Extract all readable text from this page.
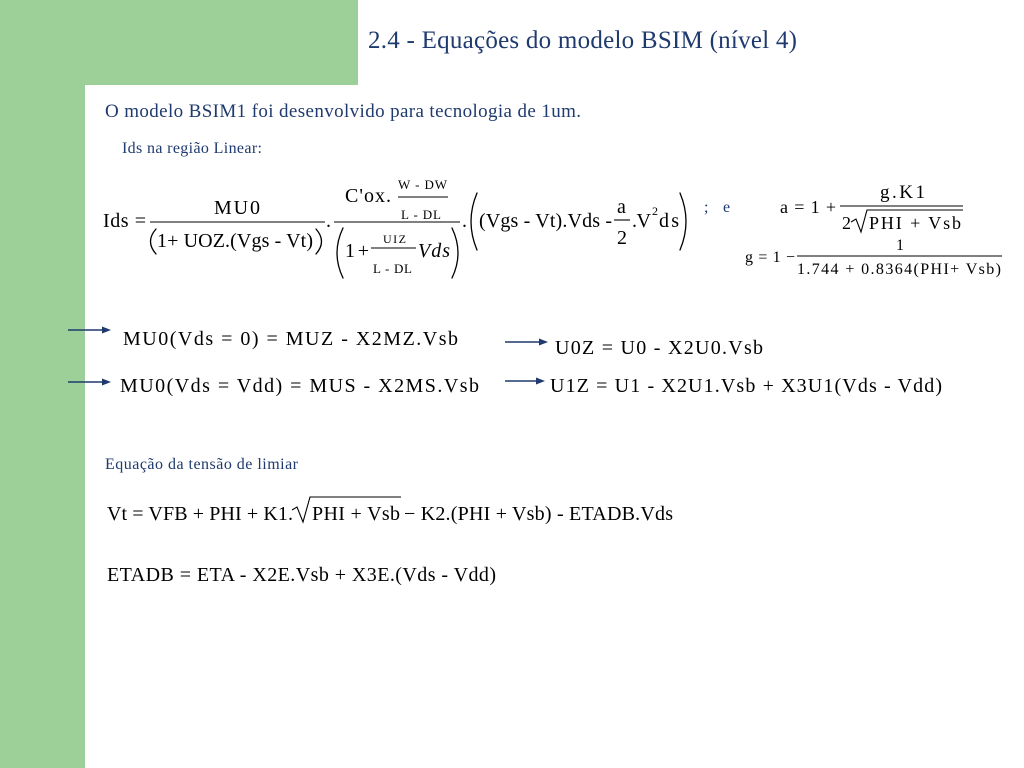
2.4 - Equações do modelo BSIM (nível 4)
O modelo BSIM1 foi desenvolvido para tecnologia de 1um.
Ids na região Linear:
Ids =
MU0
1+ UOZ.(Vgs - Vt)
.
C'ox.
W - DW
L - DL
1+
UIZ
L - DL
Vds
. (Vgs - Vt).Vds -
a
2
.V 2 ds
; e	a = 1 +
g.K1
2 PHI + Vsb
g = 1 −
1
1.744 + 0.8364(PHI+ Vsb)
MU0(Vds = 0) = MUZ - X2MZ.Vsb	U0Z = U0 - X2U0.Vsb
MU0(Vds = Vdd) = MUS - X2MS.Vsb	U1Z = U1 - X2U1.Vsb + X3U1(Vds - Vdd)
Equação da tensão de limiar
Vt = VFB + PHI + K1. PHI + Vsb − K2.(PHI + Vsb) - ETADB.Vds
ETADB = ETA - X2E.Vsb + X3E.(Vds - Vdd)
